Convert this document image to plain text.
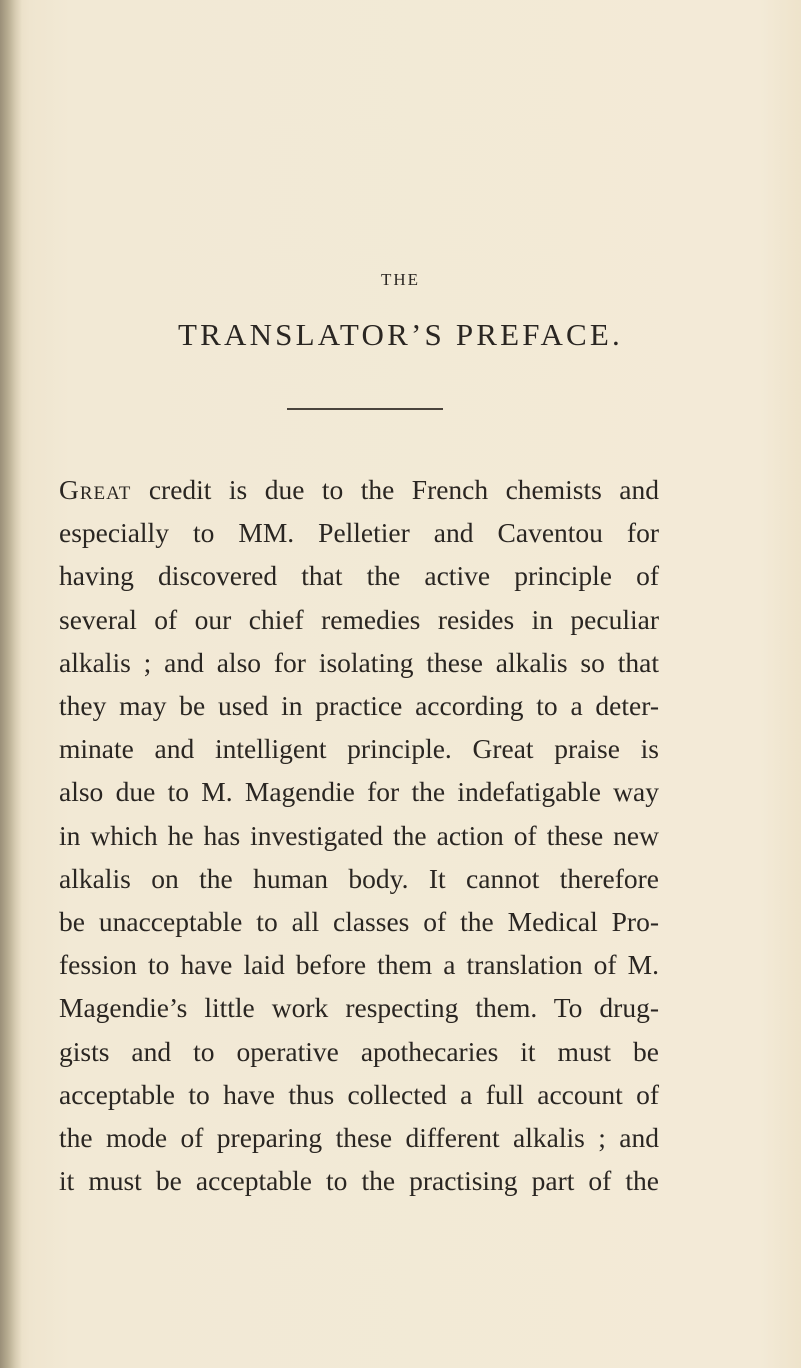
THE
TRANSLATOR’S PREFACE.
Great credit is due to the French chemists and
especially to MM. Pelletier and Caventou for
having discovered that the active principle of
several of our chief remedies resides in peculiar
alkalis ; and also for isolating these alkalis so that
they may be used in practice according to a deter-
minate and intelligent principle. Great praise is
also due to M. Magendie for the indefatigable way
in which he has investigated the action of these new
alkalis on the human body. It cannot therefore
be unacceptable to all classes of the Medical Pro-
fession to have laid before them a translation of M.
Magendie’s little work respecting them. To drug-
gists and to operative apothecaries it must be
acceptable to have thus collected a full account of
the mode of preparing these different alkalis ; and
it must be acceptable to the practising part of the
